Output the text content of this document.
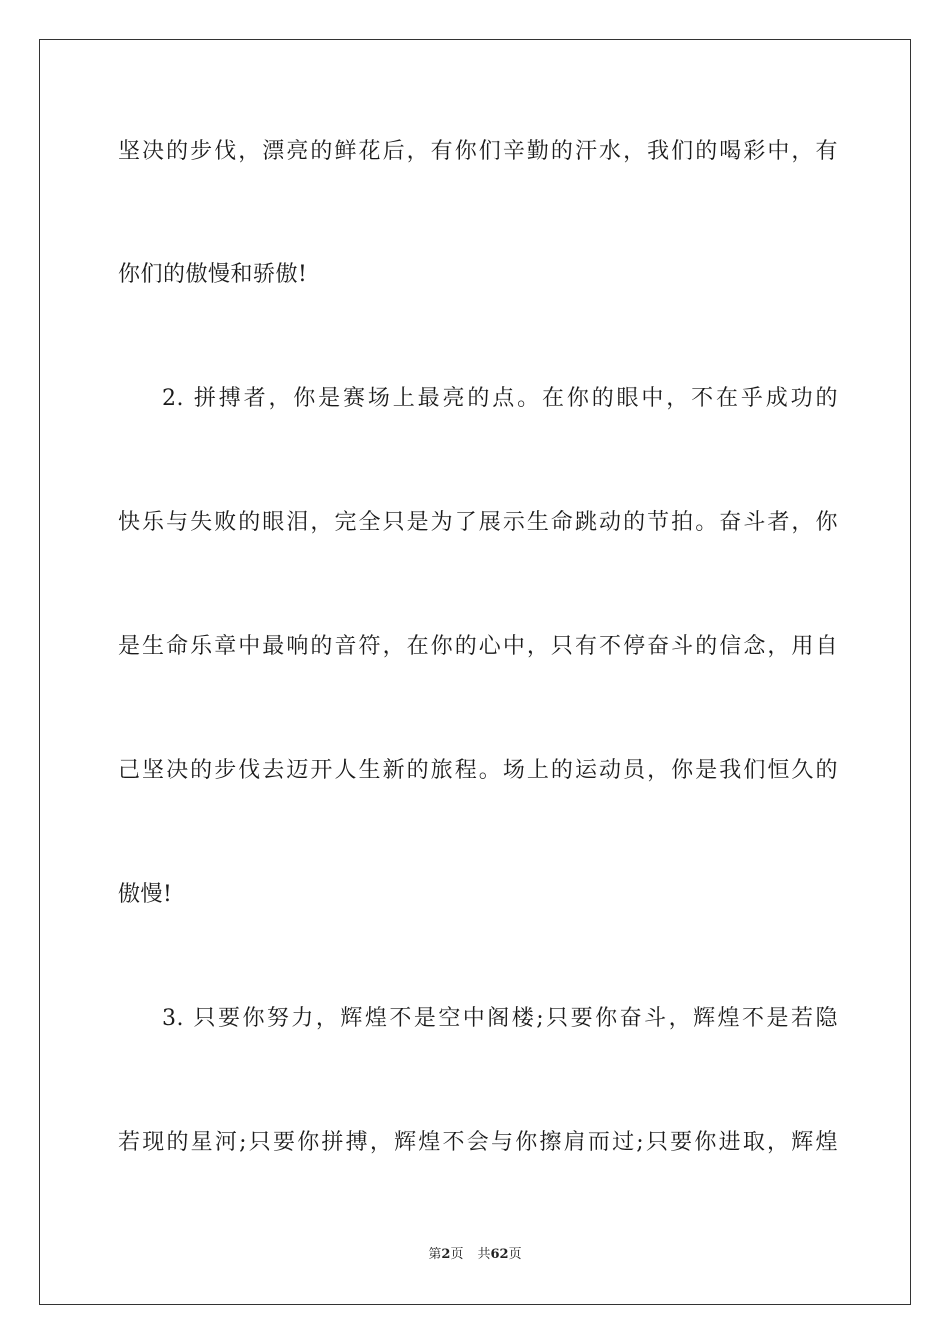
坚决的步伐，漂亮的鲜花后，有你们辛勤的汗水，我们的喝彩中，有
你们的傲慢和骄傲!
2. 拼搏者，你是赛场上最亮的点。在你的眼中，不在乎成功的
快乐与失败的眼泪，完全只是为了展示生命跳动的节拍。奋斗者，你
是生命乐章中最响的音符，在你的心中，只有不停奋斗的信念，用自
己坚决的步伐去迈开人生新的旅程。场上的运动员，你是我们恒久的
傲慢!
3. 只要你努力，辉煌不是空中阁楼;只要你奋斗，辉煌不是若隐
若现的星河;只要你拼搏，辉煌不会与你擦肩而过;只要你进取，辉煌
第2页 共62页
